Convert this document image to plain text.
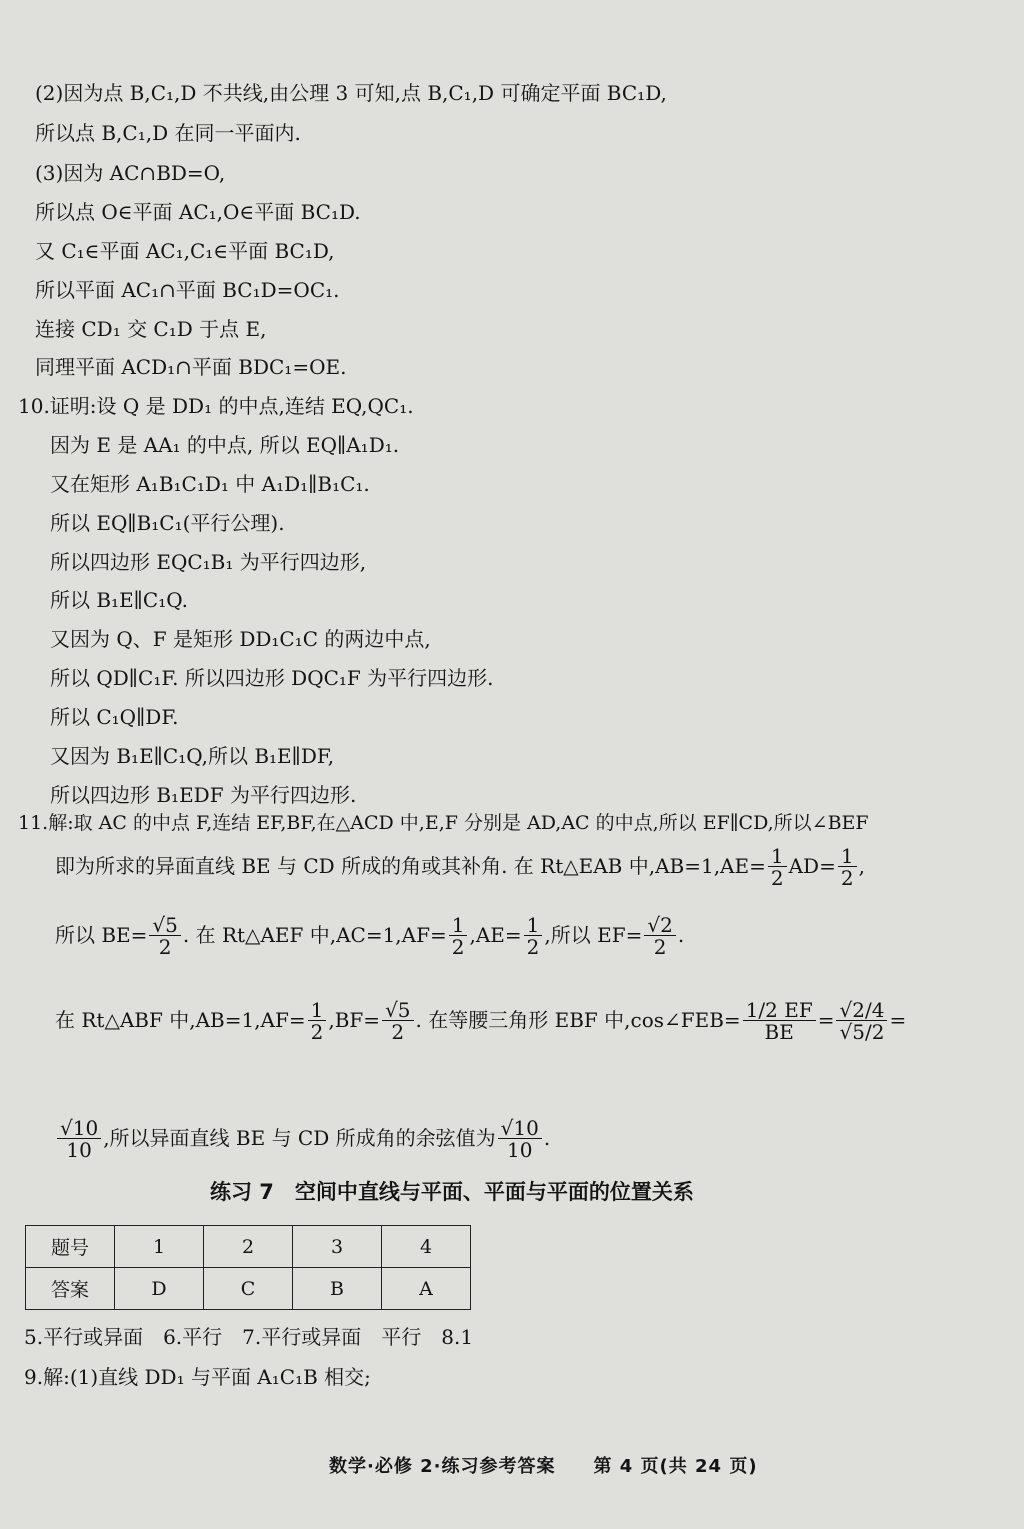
(2)因为点 B,C₁,D 不共线,由公理 3 可知,点 B,C₁,D 可确定平面 BC₁D,
所以点 B,C₁,D 在同一平面内.
(3)因为 AC∩BD=O,
所以点 O∈平面 AC₁,O∈平面 BC₁D.
又 C₁∈平面 AC₁,C₁∈平面 BC₁D,
所以平面 AC₁∩平面 BC₁D=OC₁.
连接 CD₁ 交 C₁D 于点 E,
同理平面 ACD₁∩平面 BDC₁=OE.
10.证明:设 Q 是 DD₁ 的中点,连结 EQ,QC₁.
因为 E 是 AA₁ 的中点, 所以 EQ∥A₁D₁.
又在矩形 A₁B₁C₁D₁ 中 A₁D₁∥B₁C₁.
所以 EQ∥B₁C₁(平行公理).
所以四边形 EQC₁B₁ 为平行四边形,
所以 B₁E∥C₁Q.
又因为 Q、F 是矩形 DD₁C₁C 的两边中点,
所以 QD∥C₁F. 所以四边形 DQC₁F 为平行四边形.
所以 C₁Q∥DF.
又因为 B₁E∥C₁Q,所以 B₁E∥DF,
所以四边形 B₁EDF 为平行四边形.
11.解:取 AC 的中点 F,连结 EF,BF,在△ACD 中,E,F 分别是 AD,AC 的中点,所以 EF∥CD,所以∠BEF
即为所求的异面直线 BE 与 CD 所成的角或其补角. 在 Rt△EAB 中$,AB=1,AE= \frac{1}{2} AD= \frac{1}{2}$ ,
所以 $BE= \frac{√5}{2}$ . 在 Rt△AEF 中$,AC=1,AF= \frac{1}{2} ,AE= \frac{1}{2}$ ,所以 $EF= \frac{√2}{2}$ .
在 Rt△ABF 中$,AB=1,AF= \frac{1}{2} ,BF= \frac{√5}{2}$ . 在等腰三角形 EBF 中,cos∠FEB= $\frac{1/2 EF}{BE} = \frac{√2/4}{√5/2}$ =
$\frac{√10}{10}$ ,所以异面直线 BE 与 CD 所成角的余弦值为 $\frac{√10}{10}$ .
练习 7　空间中直线与平面、平面与平面的位置关系
题号	1	2	3	4
答案	D	C	B	A
5.平行或异面　6.平行　7.平行或异面　平行　8.1
9.解:(1)直线 DD₁ 与平面 A₁C₁B 相交;
数学·必修 2·练习参考答案　　第 4 页(共 24 页)
